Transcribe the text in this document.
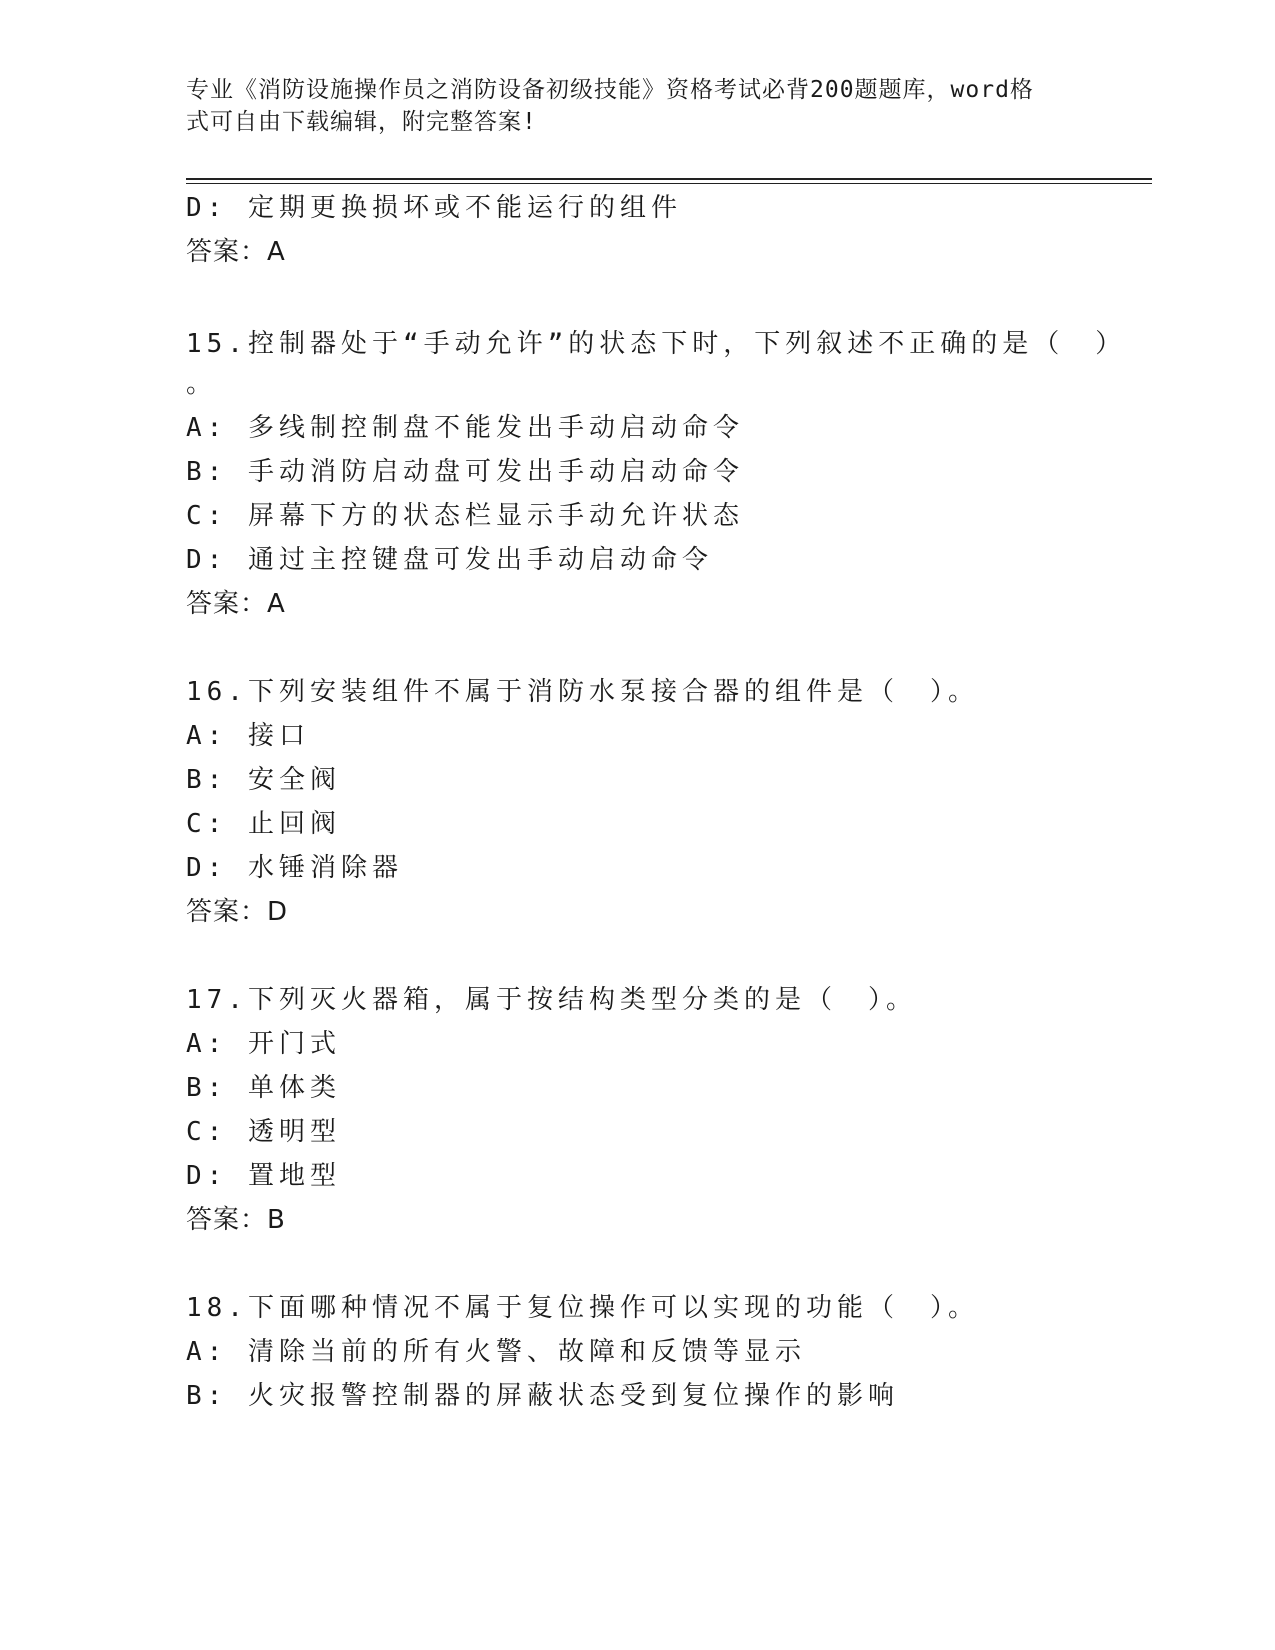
专业《消防设施操作员之消防设备初级技能》资格考试必背200题题库，word格
式可自由下载编辑，附完整答案!
D: 定期更换损坏或不能运行的组件
答案：A
15.控制器处于“手动允许”的状态下时，下列叙述不正确的是（　）
。
A: 多线制控制盘不能发出手动启动命令
B: 手动消防启动盘可发出手动启动命令
C: 屏幕下方的状态栏显示手动允许状态
D: 通过主控键盘可发出手动启动命令
答案：A
16.下列安装组件不属于消防水泵接合器的组件是（　）。
A: 接口
B: 安全阀
C: 止回阀
D: 水锤消除器
答案：D
17.下列灭火器箱，属于按结构类型分类的是（　）。
A: 开门式
B: 单体类
C: 透明型
D: 置地型
答案：B
18.下面哪种情况不属于复位操作可以实现的功能（　）。
A: 清除当前的所有火警、故障和反馈等显示
B: 火灾报警控制器的屏蔽状态受到复位操作的影响
